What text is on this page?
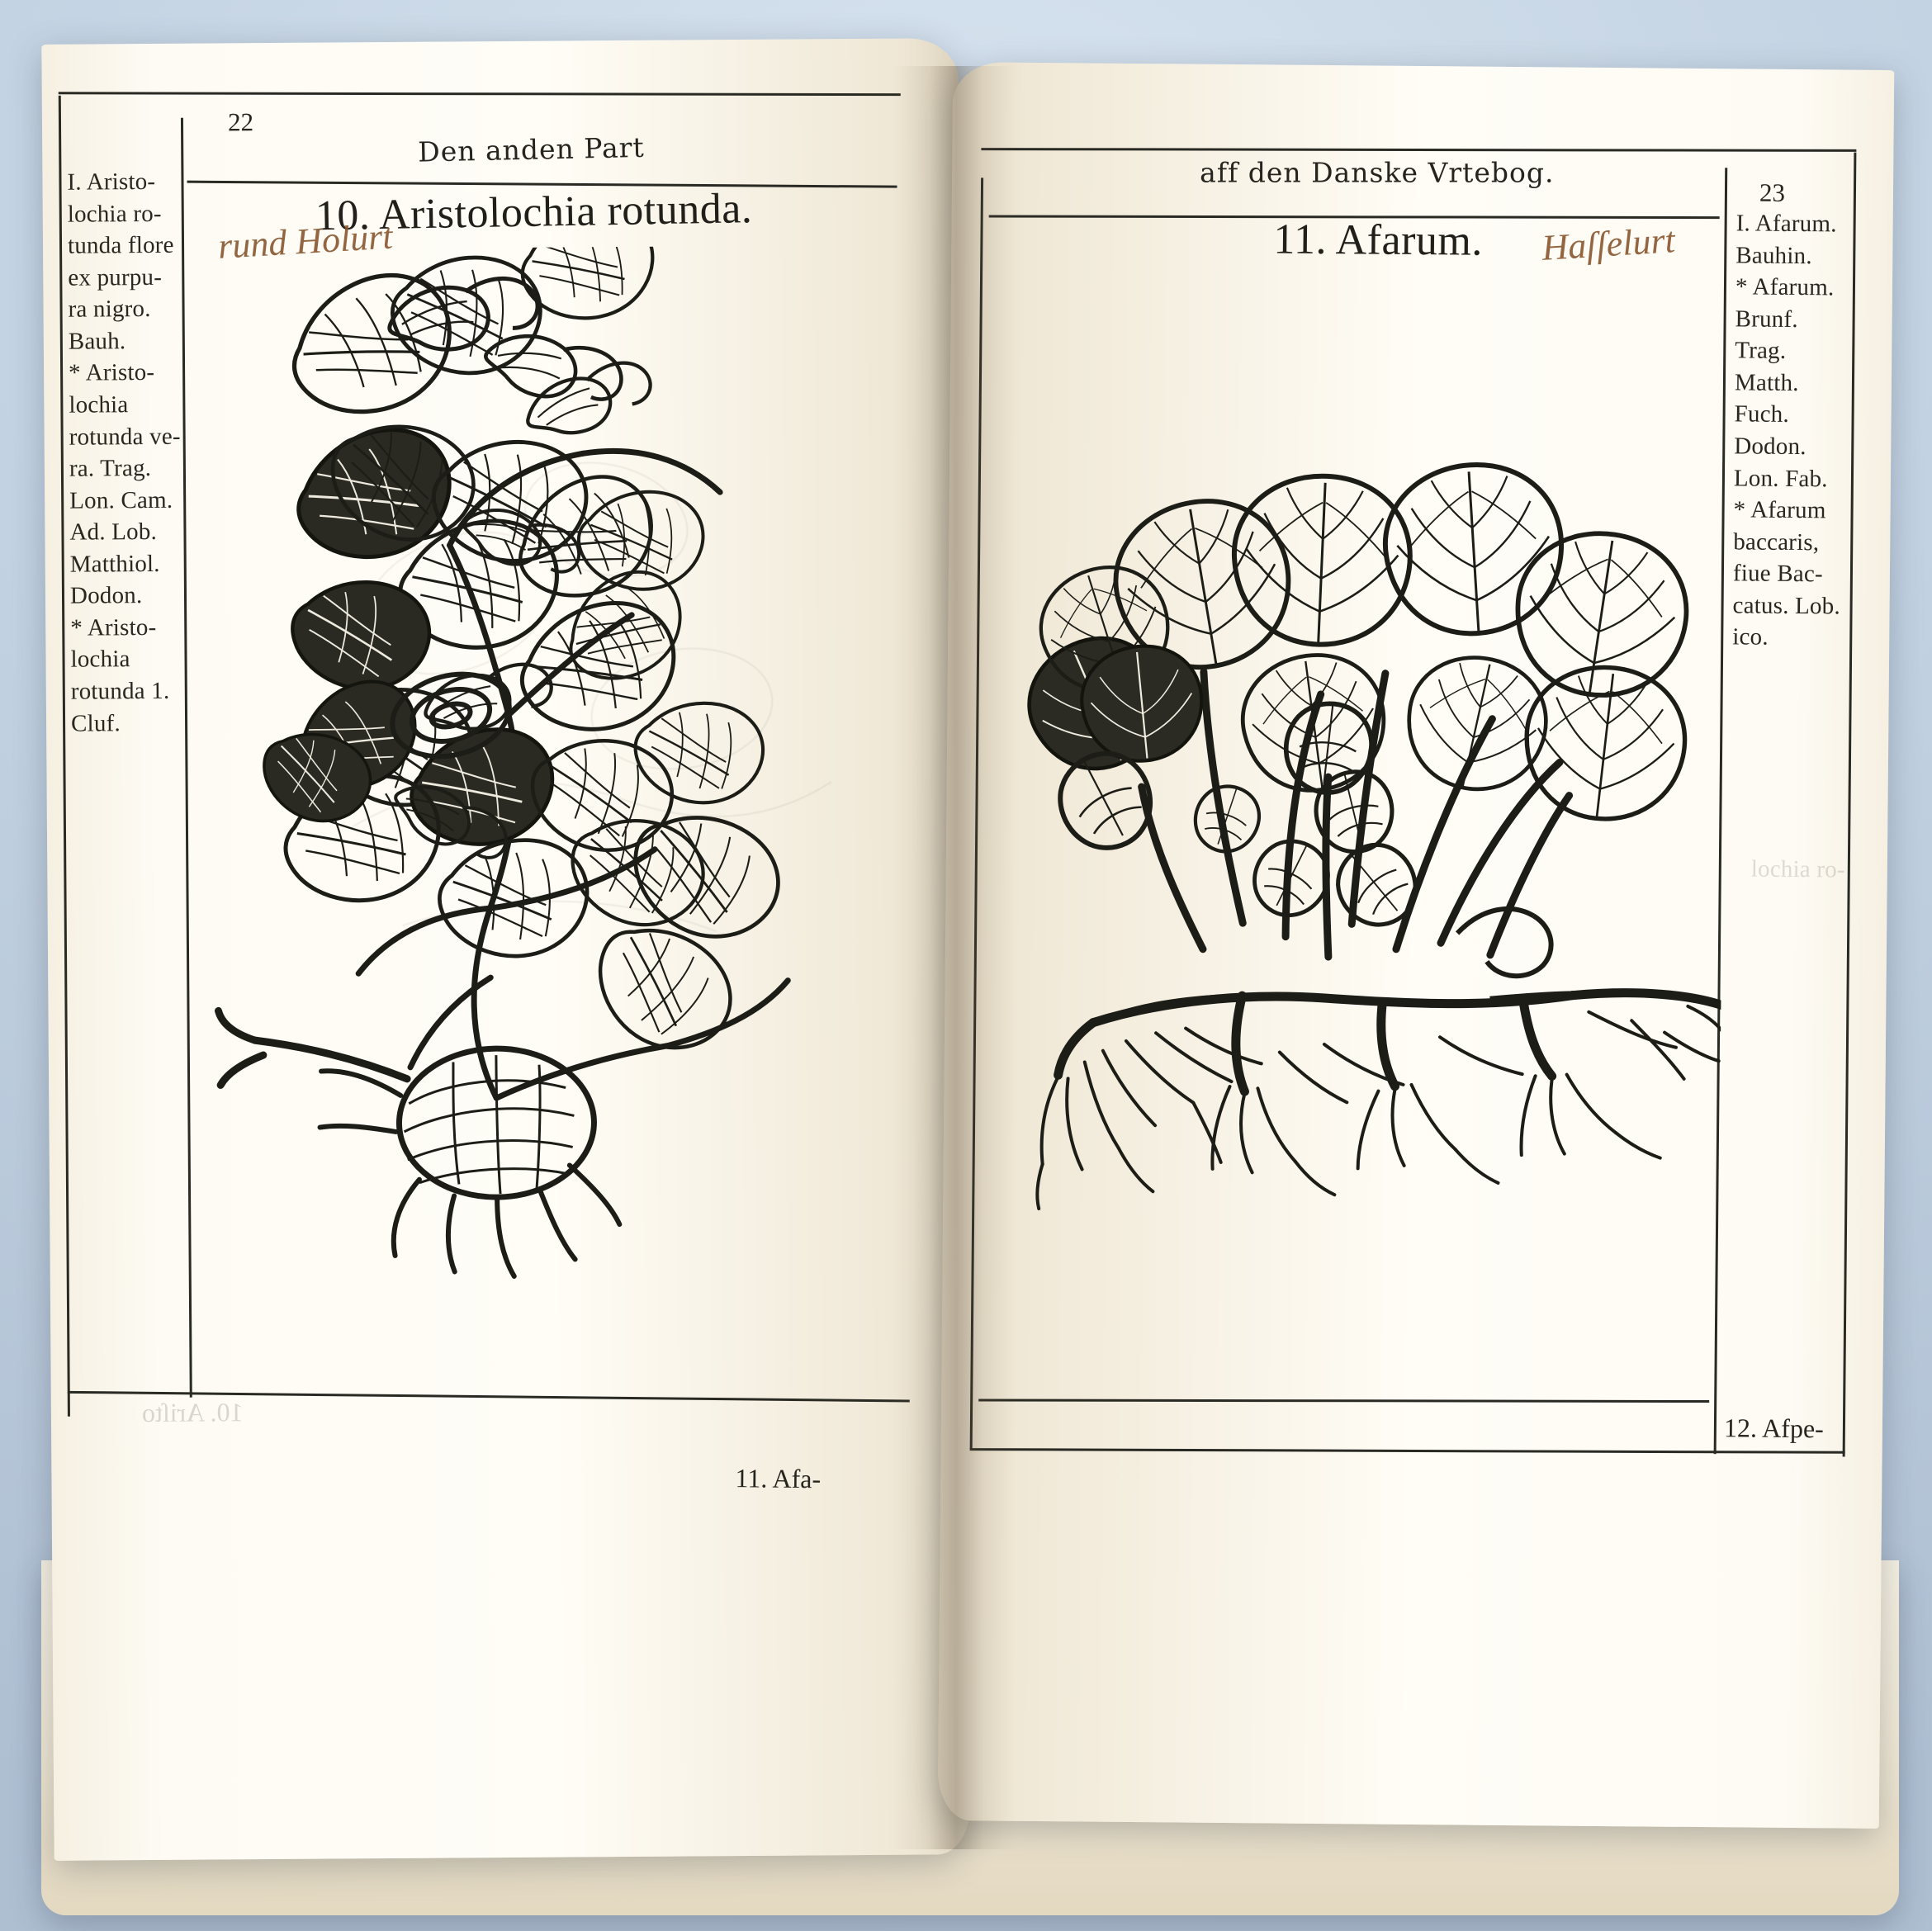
10. Ariſto
22
Den anden Part
10. Aristolochia rotunda.
rund Holurt
I. Aristo-
lochia ro-
tunda flore
ex purpu-
ra nigro. Bauh.
* Aristo-
lochia
rotunda ve-
ra. Trag.
Lon. Cam.
Ad. Lob.
Matthiol.
Dodon.
* Aristo-
lochia
rotunda 1.
Cluf.
11. Afa-
lochia ro-
aff den Danske Vrtebog.
23
11. Afarum. Haſſelurt I. Afarum.
Bauhin.
* Afarum.
Brunf.
Trag.
Matth.
Fuch. Dodon.
Lon. Fab.
* Afarum
baccaris,
fiue Bac-
catus. Lob.
ico.
12. Afpe-
